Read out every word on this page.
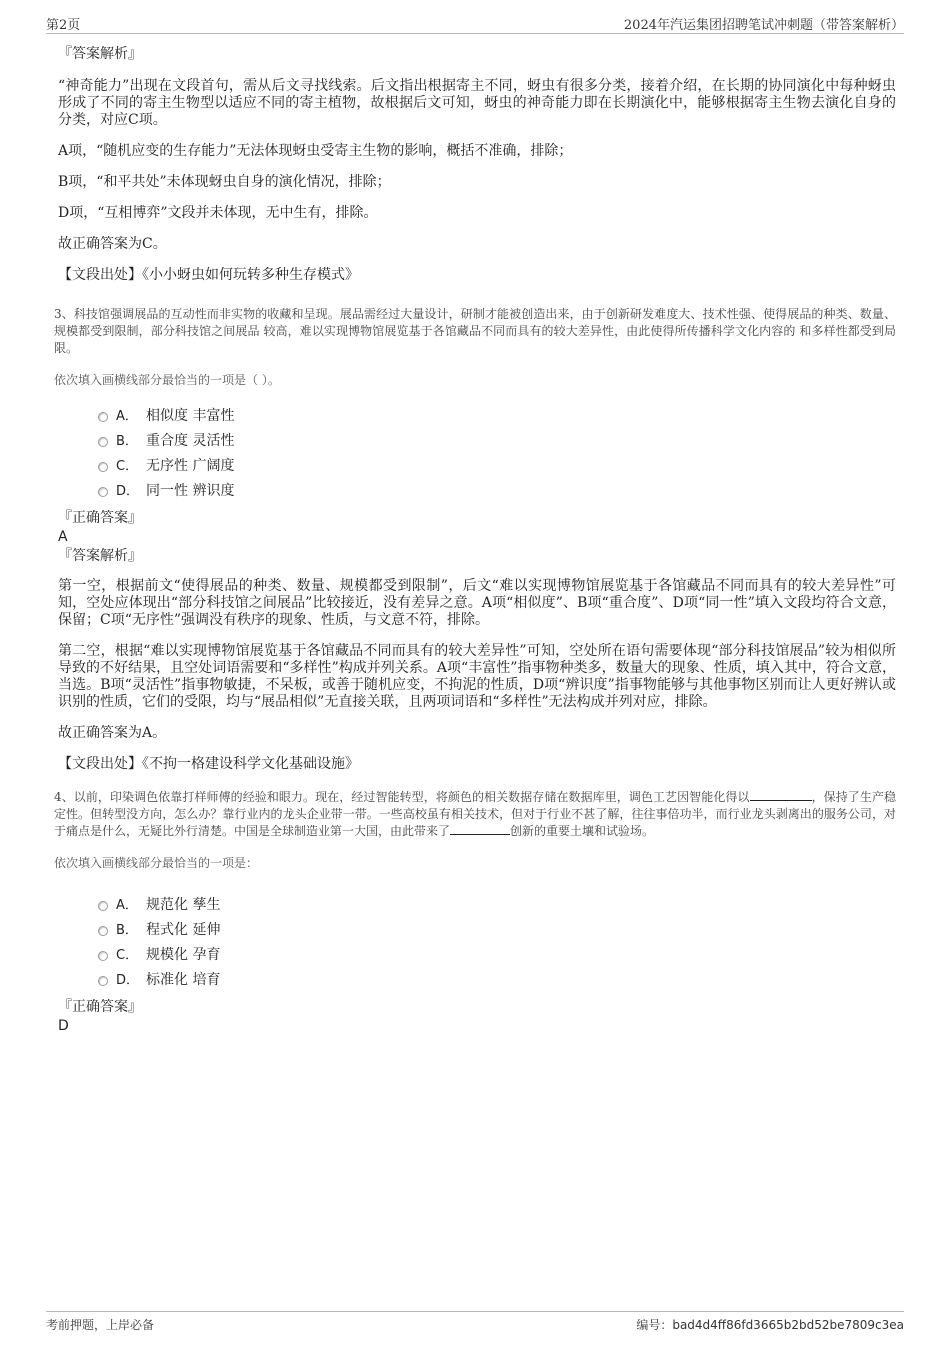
第2页	2024年汽运集团招聘笔试冲刺题（带答案解析）
『答案解析』
“神奇能力”出现在文段首句，需从后文寻找线索。后文指出根据寄主不同，蚜虫有很多分类，接着介绍，在长期的协同演化中每种蚜虫形成了不同的寄主生物型以适应不同的寄主植物，故根据后文可知，蚜虫的神奇能力即在长期演化中，能够根据寄主生物去演化自身的分类，对应C项。
A项，“随机应变的生存能力”无法体现蚜虫受寄主生物的影响，概括不准确，排除；
B项，“和平共处”未体现蚜虫自身的演化情况，排除；
D项，“互相博弈”文段并未体现，无中生有，排除。
故正确答案为C。
【文段出处】《小小蚜虫如何玩转多种生存模式》
3、科技馆强调展品的互动性而非实物的收藏和呈现。展品需经过大量设计，研制才能被创造出来，由于创新研发难度大、技术性强、使得展品的种类、数量、规模都受到限制，部分科技馆之间展品 较高，难以实现博物馆展览基于各馆藏品不同而具有的较大差异性，由此使得所传播科学文化内容的 和多样性都受到局限。
依次填入画横线部分最恰当的一项是（ ）。
A． 相似度 丰富性
B． 重合度 灵活性
C． 无序性 广阔度
D． 同一性 辨识度
『正确答案』
A
『答案解析』
第一空，根据前文“使得展品的种类、数量、规模都受到限制”，后文“难以实现博物馆展览基于各馆藏品不同而具有的较大差异性”可知，空处应体现出“部分科技馆之间展品”比较接近，没有差异之意。A项“相似度”、B项“重合度”、D项“同一性”填入文段均符合文意，保留；C项“无序性”强调没有秩序的现象、性质，与文意不符，排除。
第二空，根据“难以实现博物馆展览基于各馆藏品不同而具有的较大差异性”可知，空处所在语句需要体现“部分科技馆展品”较为相似所导致的不好结果，且空处词语需要和“多样性”构成并列关系。A项“丰富性”指事物种类多，数量大的现象、性质，填入其中，符合文意，当选。B项“灵活性”指事物敏捷，不呆板，或善于随机应变，不拘泥的性质，D项“辨识度”指事物能够与其他事物区别而让人更好辨认或识别的性质，它们的受限，均与“展品相似”无直接关联，且两项词语和“多样性”无法构成并列对应，排除。
故正确答案为A。
【文段出处】《不拘一格建设科学文化基础设施》
4、以前，印染调色依靠打样师傅的经验和眼力。现在，经过智能转型，将颜色的相关数据存储在数据库里，调色工艺因智能化得以	，保持了生产稳定性。但转型没方向，怎么办？靠行业内的龙头企业带一带。一些高校虽有相关技术，但对于行业不甚了解，往往事倍功半，而行业龙头剥离出的服务公司，对于痛点是什么，无疑比外行清楚。中国是全球制造业第一大国，由此带来了	创新的重要土壤和试验场。
依次填入画横线部分最恰当的一项是：
A． 规范化 孳生
B． 程式化 延伸
C． 规模化 孕育
D． 标准化 培育
『正确答案』
D
考前押题，上岸必备	编号：bad4d4ff86fd3665b2bd52be7809c3ea
